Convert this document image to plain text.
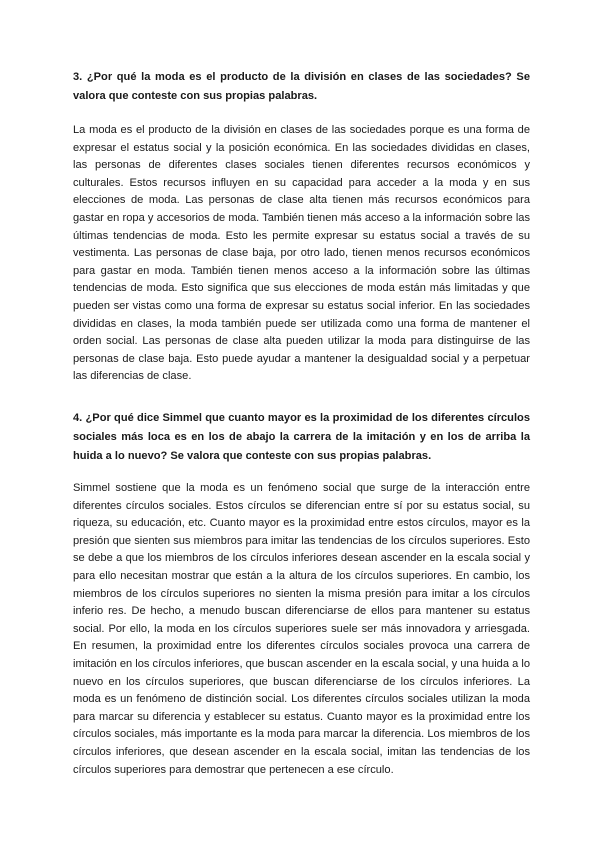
3. ¿Por qué la moda es el producto de la división en clases de las sociedades? Se valora que conteste con sus propias palabras.

La moda es el producto de la división en clases de las sociedades porque es una forma de expresar el estatus social y la posición económica. En las sociedades divididas en clases, las personas de diferentes clases sociales tienen diferentes recursos económicos y culturales. Estos recursos influyen en su capacidad para acceder a la moda y en sus elecciones de moda. Las personas de clase alta tienen más recursos económicos para gastar en ropa y accesorios de moda. También tienen más acceso a la información sobre las últimas tendencias de moda. Esto les permite expresar su estatus social a través de su vestimenta. Las personas de clase baja, por otro lado, tienen menos recursos económicos para gastar en moda. También tienen menos acceso a la información sobre las últimas tendencias de moda. Esto significa que sus elecciones de moda están más limitadas y que pueden ser vistas como una forma de expresar su estatus social inferior. En las sociedades divididas en clases, la moda también puede ser utilizada como una forma de mantener el orden social. Las personas de clase alta pueden utilizar la moda para distinguirse de las personas de clase baja. Esto puede ayudar a mantener la desigualdad social y a perpetuar las diferencias de clase.

4. ¿Por qué dice Simmel que cuanto mayor es la proximidad de los diferentes círculos sociales más loca es en los de abajo la carrera de la imitación y en los de arriba la huida a lo nuevo? Se valora que conteste con sus propias palabras.

Simmel sostiene que la moda es un fenómeno social que surge de la interacción entre diferentes círculos sociales. Estos círculos se diferencian entre sí por su estatus social, su riqueza, su educación, etc. Cuanto mayor es la proximidad entre estos círculos, mayor es la presión que sienten sus miembros para imitar las tendencias de los círculos superiores. Esto se debe a que los miembros de los círculos inferiores desean ascender en la escala social y para ello necesitan mostrar que están a la altura de los círculos superiores. En cambio, los miembros de los círculos superiores no sienten la misma presión para imitar a los círculos inferio res. De hecho, a menudo buscan diferenciarse de ellos para mantener su estatus social. Por ello, la moda en los círculos superiores suele ser más innovadora y arriesgada. En resumen, la proximidad entre los diferentes círculos sociales provoca una carrera de imitación en los círculos inferiores, que buscan ascender en la escala social, y una huida a lo nuevo en los círculos superiores, que buscan diferenciarse de los círculos inferiores. La moda es un fenómeno de distinción social. Los diferentes círculos sociales utilizan la moda para marcar su diferencia y establecer su estatus. Cuanto mayor es la proximidad entre los círculos sociales, más importante es la moda para marcar la diferencia. Los miembros de los círculos inferiores, que desean ascender en la escala social, imitan las tendencias de los círculos superiores para demostrar que pertenecen a ese círculo.
